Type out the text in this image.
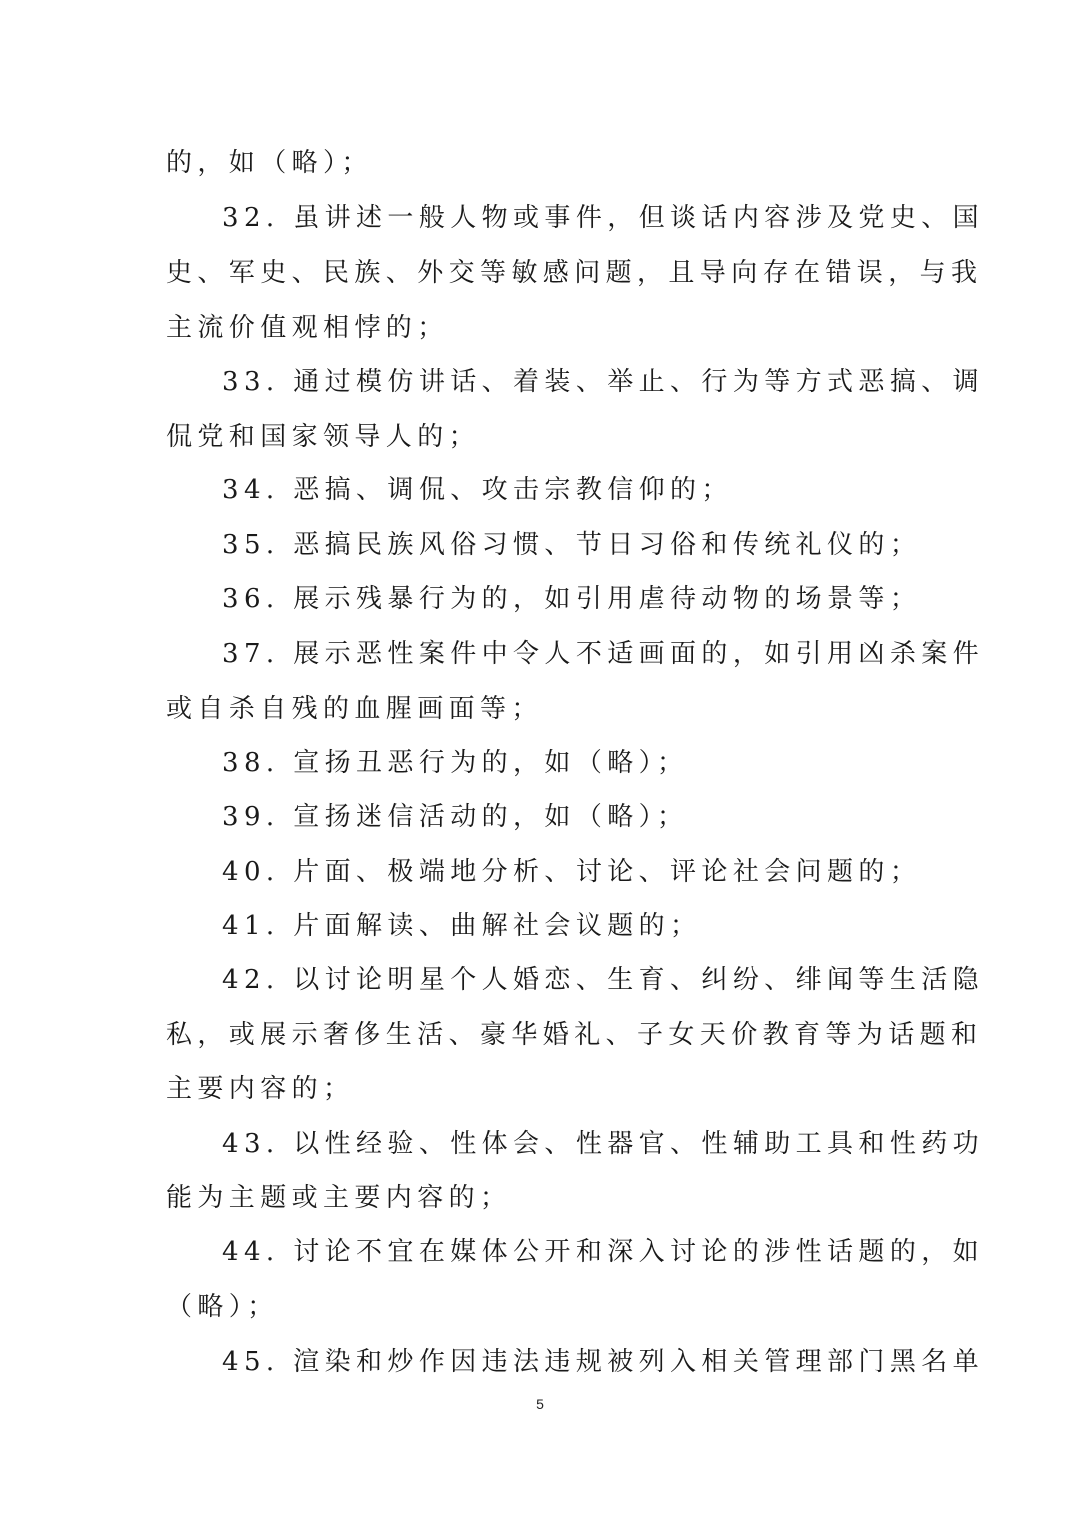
的，如（略）；
32. 虽讲述一般人物或事件，但谈话内容涉及党史、国
史、军史、民族、外交等敏感问题，且导向存在错误，与我
主流价值观相悖的；
33. 通过模仿讲话、着装、举止、行为等方式恶搞、调
侃党和国家领导人的；
34. 恶搞、调侃、攻击宗教信仰的；
35. 恶搞民族风俗习惯、节日习俗和传统礼仪的；
36. 展示残暴行为的，如引用虐待动物的场景等；
37. 展示恶性案件中令人不适画面的，如引用凶杀案件
或自杀自残的血腥画面等；
38. 宣扬丑恶行为的，如（略）；
39. 宣扬迷信活动的，如（略）；
40. 片面、极端地分析、讨论、评论社会问题的；
41. 片面解读、曲解社会议题的；
42. 以讨论明星个人婚恋、生育、纠纷、绯闻等生活隐
私，或展示奢侈生活、豪华婚礼、子女天价教育等为话题和
主要内容的；
43. 以性经验、性体会、性器官、性辅助工具和性药功
能为主题或主要内容的；
44. 讨论不宜在媒体公开和深入讨论的涉性话题的，如
（略）；
45. 渲染和炒作因违法违规被列入相关管理部门黑名单
5
